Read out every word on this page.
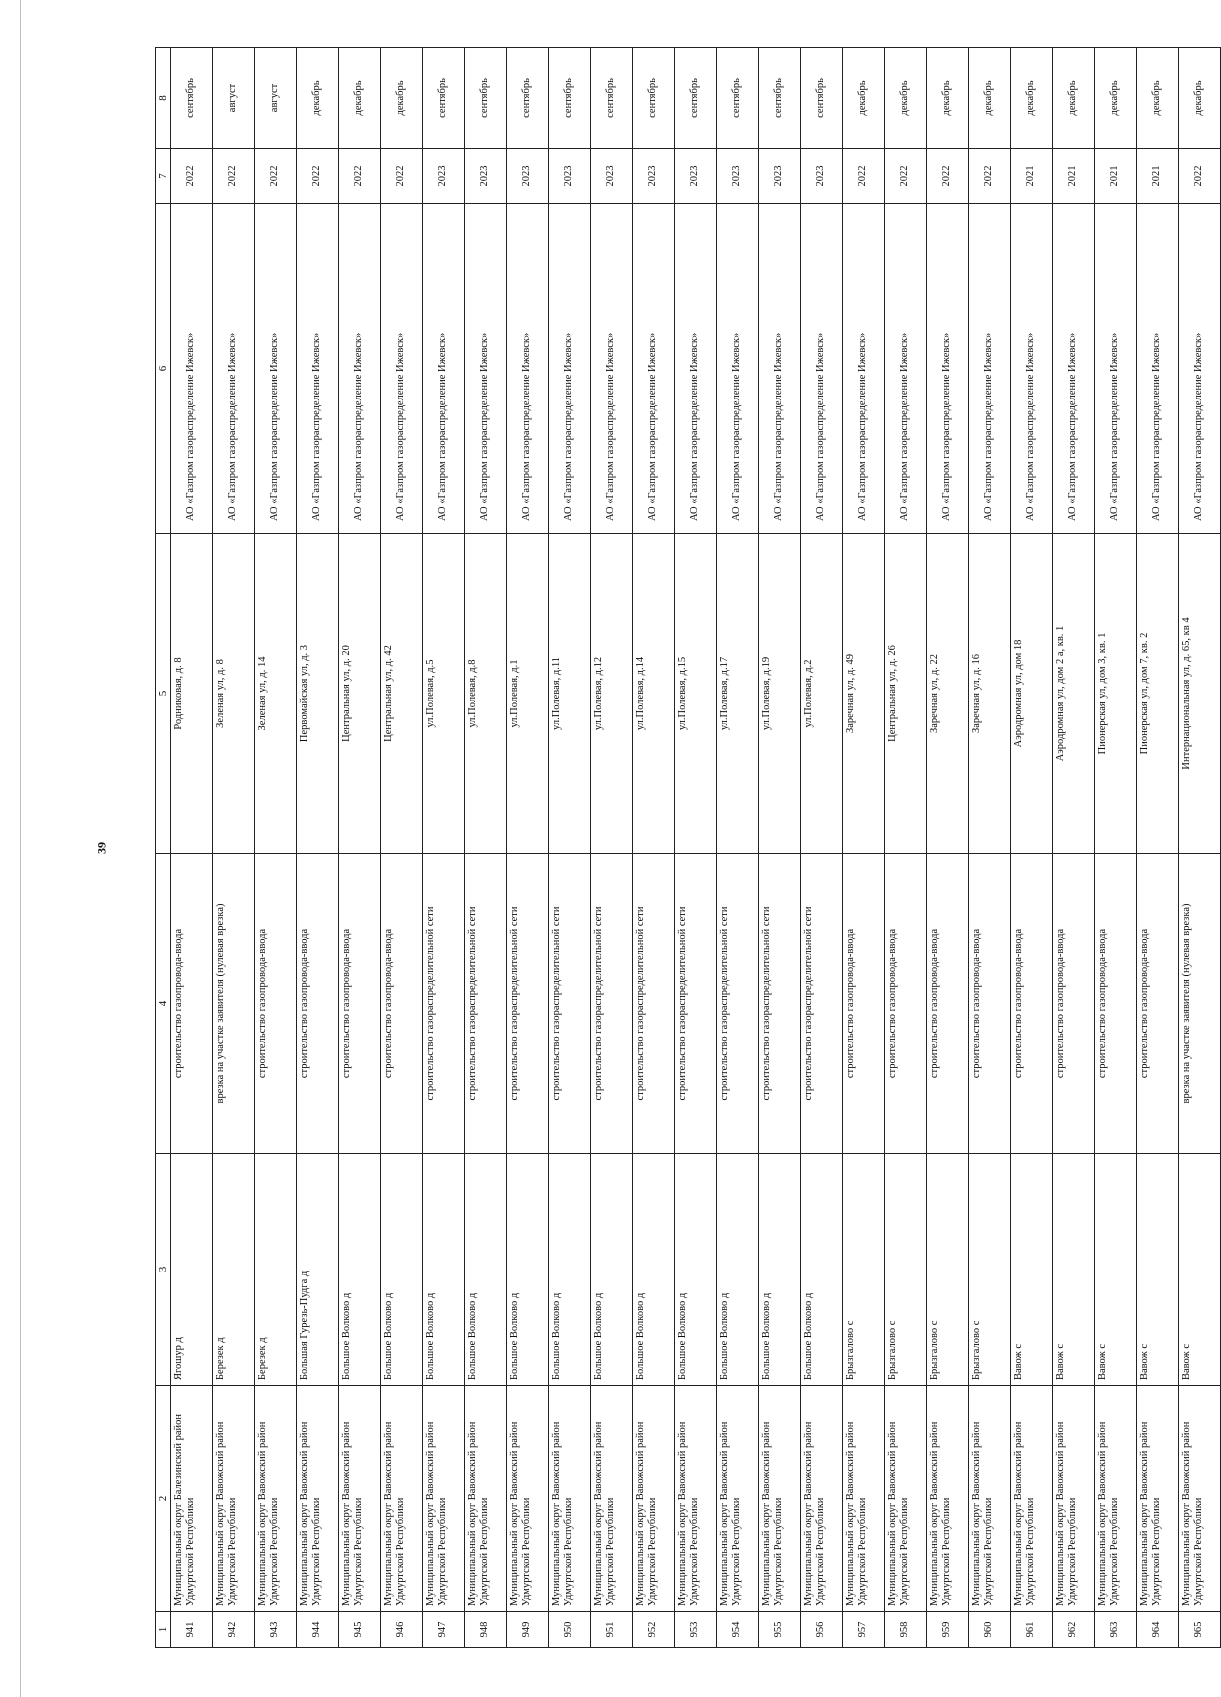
39
1	2	3	4	5	6	7	8
941	Муниципальный округ Балезинский район Удмуртской Республики	Ягошур д	строительство газопровода-ввода	Родниковая, д. 8	АО «Газпром газораспределение Ижевск»	2022	сентябрь
942	Муниципальный округ Вавожский район Удмуртской Республики	Березек д	врезка на участке заявителя (нулевая врезка)	Зеленая ул, д. 8	АО «Газпром газораспределение Ижевск»	2022	август
943	Муниципальный округ Вавожский район Удмуртской Республики	Березек д	строительство газопровода-ввода	Зеленая ул, д. 14	АО «Газпром газораспределение Ижевск»	2022	август
944	Муниципальный округ Вавожский район Удмуртской Республики	Большая Гурезь-Пудга д	строительство газопровода-ввода	Первомайская ул, д. 3	АО «Газпром газораспределение Ижевск»	2022	декабрь
945	Муниципальный округ Вавожский район Удмуртской Республики	Большое Волково д	строительство газопровода-ввода	Центральная ул, д. 20	АО «Газпром газораспределение Ижевск»	2022	декабрь
946	Муниципальный округ Вавожский район Удмуртской Республики	Большое Волково д	строительство газопровода-ввода	Центральная ул, д. 42	АО «Газпром газораспределение Ижевск»	2022	декабрь
947	Муниципальный округ Вавожский район Удмуртской Республики	Большое Волково д	строительство газораспределительной сети	ул.Полевая, д.5	АО «Газпром газораспределение Ижевск»	2023	сентябрь
948	Муниципальный округ Вавожский район Удмуртской Республики	Большое Волково д	строительство газораспределительной сети	ул.Полевая, д.8	АО «Газпром газораспределение Ижевск»	2023	сентябрь
949	Муниципальный округ Вавожский район Удмуртской Республики	Большое Волково д	строительство газораспределительной сети	ул.Полевая, д.1	АО «Газпром газораспределение Ижевск»	2023	сентябрь
950	Муниципальный округ Вавожский район Удмуртской Республики	Большое Волково д	строительство газораспределительной сети	ул.Полевая, д.11	АО «Газпром газораспределение Ижевск»	2023	сентябрь
951	Муниципальный округ Вавожский район Удмуртской Республики	Большое Волково д	строительство газораспределительной сети	ул.Полевая, д.12	АО «Газпром газораспределение Ижевск»	2023	сентябрь
952	Муниципальный округ Вавожский район Удмуртской Республики	Большое Волково д	строительство газораспределительной сети	ул.Полевая, д.14	АО «Газпром газораспределение Ижевск»	2023	сентябрь
953	Муниципальный округ Вавожский район Удмуртской Республики	Большое Волково д	строительство газораспределительной сети	ул.Полевая, д.15	АО «Газпром газораспределение Ижевск»	2023	сентябрь
954	Муниципальный округ Вавожский район Удмуртской Республики	Большое Волково д	строительство газораспределительной сети	ул.Полевая, д.17	АО «Газпром газораспределение Ижевск»	2023	сентябрь
955	Муниципальный округ Вавожский район Удмуртской Республики	Большое Волково д	строительство газораспределительной сети	ул.Полевая, д.19	АО «Газпром газораспределение Ижевск»	2023	сентябрь
956	Муниципальный округ Вавожский район Удмуртской Республики	Большое Волково д	строительство газораспределительной сети	ул.Полевая, д.2	АО «Газпром газораспределение Ижевск»	2023	сентябрь
957	Муниципальный округ Вавожский район Удмуртской Республики	Брызгалово с	строительство газопровода-ввода	Заречная ул, д. 49	АО «Газпром газораспределение Ижевск»	2022	декабрь
958	Муниципальный округ Вавожский район Удмуртской Республики	Брызгалово с	строительство газопровода-ввода	Центральная ул, д. 26	АО «Газпром газораспределение Ижевск»	2022	декабрь
959	Муниципальный округ Вавожский район Удмуртской Республики	Брызгалово с	строительство газопровода-ввода	Заречная ул, д. 22	АО «Газпром газораспределение Ижевск»	2022	декабрь
960	Муниципальный округ Вавожский район Удмуртской Республики	Брызгалово с	строительство газопровода-ввода	Заречная ул, д. 16	АО «Газпром газораспределение Ижевск»	2022	декабрь
961	Муниципальный округ Вавожский район Удмуртской Республики	Вавож с	строительство газопровода-ввода	Аэродромная ул, дом 18	АО «Газпром газораспределение Ижевск»	2021	декабрь
962	Муниципальный округ Вавожский район Удмуртской Республики	Вавож с	строительство газопровода-ввода	Аэродромная ул, дом 2 а, кв. 1	АО «Газпром газораспределение Ижевск»	2021	декабрь
963	Муниципальный округ Вавожский район Удмуртской Республики	Вавож с	строительство газопровода-ввода	Пионерская ул, дом 3, кв. 1	АО «Газпром газораспределение Ижевск»	2021	декабрь
964	Муниципальный округ Вавожский район Удмуртской Республики	Вавож с	строительство газопровода-ввода	Пионерская ул, дом 7, кв. 2	АО «Газпром газораспределение Ижевск»	2021	декабрь
965	Муниципальный округ Вавожский район Удмуртской Республики	Вавож с	врезка на участке заявителя (нулевая врезка)	Интернациональная ул, д. 65, кв 4	АО «Газпром газораспределение Ижевск»	2022	декабрь
